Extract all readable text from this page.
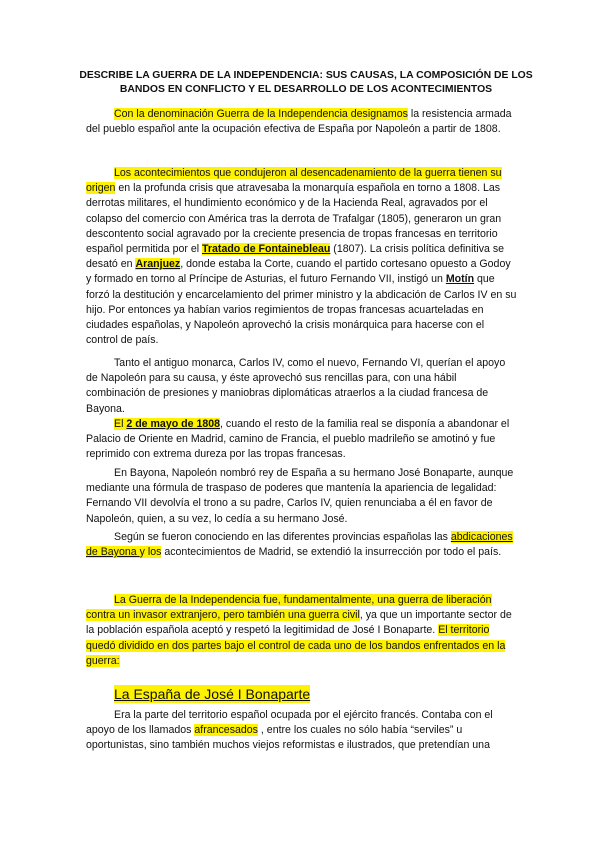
DESCRIBE LA GUERRA DE LA INDEPENDENCIA: SUS CAUSAS, LA COMPOSICIÓN DE LOS BANDOS EN CONFLICTO Y EL DESARROLLO DE LOS ACONTECIMIENTOS
Con la denominación Guerra de la Independencia designamos la resistencia armada del pueblo español ante la ocupación efectiva de España por Napoleón a partir de 1808.
Los acontecimientos que condujeron al desencadenamiento de la guerra tienen su origen en la profunda crisis que atravesaba la monarquía española en torno a 1808. Las derrotas militares, el hundimiento económico y de la Hacienda Real, agravados por el colapso del comercio con América tras la derrota de Trafalgar (1805), generaron un gran descontento social agravado por la creciente presencia de tropas francesas en territorio español permitida por el Tratado de Fontainebleau (1807). La crisis política definitiva se desató en Aranjuez, donde estaba la Corte, cuando el partido cortesano opuesto a Godoy y formado en torno al Príncipe de Asturias, el futuro Fernando VII, instigó un Motín que forzó la destitución y encarcelamiento del primer ministro y la abdicación de Carlos IV en su hijo. Por entonces ya habían varios regimientos de tropas francesas acuarteladas en ciudades españolas, y Napoleón aprovechó la crisis monárquica para hacerse con el control de país.
Tanto el antiguo monarca, Carlos IV, como el nuevo, Fernando VI, querían el apoyo de Napoleón para su causa, y éste aprovechó sus rencillas para, con una hábil combinación de presiones y maniobras diplomáticas atraerlos a la ciudad francesa de Bayona.
El 2 de mayo de 1808, cuando el resto de la familia real se disponía a abandonar el Palacio de Oriente en Madrid, camino de Francia, el pueblo madrileño se amotinó y fue reprimido con extrema dureza por las tropas francesas.
En Bayona, Napoleón nombró rey de España a su hermano José Bonaparte, aunque mediante una fórmula de traspaso de poderes que mantenía la apariencia de legalidad: Fernando VII devolvía el trono a su padre, Carlos IV, quien renunciaba a él en favor de Napoleón, quien, a su vez, lo cedía a su hermano José.
Según se fueron conociendo en las diferentes provincias españolas las abdicaciones de Bayona y los acontecimientos de Madrid, se extendió la insurrección por todo el país.
La Guerra de la Independencia fue, fundamentalmente, una guerra de liberación contra un invasor extranjero, pero también una guerra civil, ya que un importante sector de la población española aceptó y respetó la legitimidad de José I Bonaparte. El territorio quedó dividido en dos partes bajo el control de cada uno de los bandos enfrentados en la guerra:
La España de José I Bonaparte
Era la parte del territorio español ocupada por el ejército francés. Contaba con el apoyo de los llamados afrancesados , entre los cuales no sólo había “serviles” u oportunistas, sino también muchos viejos reformistas e ilustrados, que pretendían una
